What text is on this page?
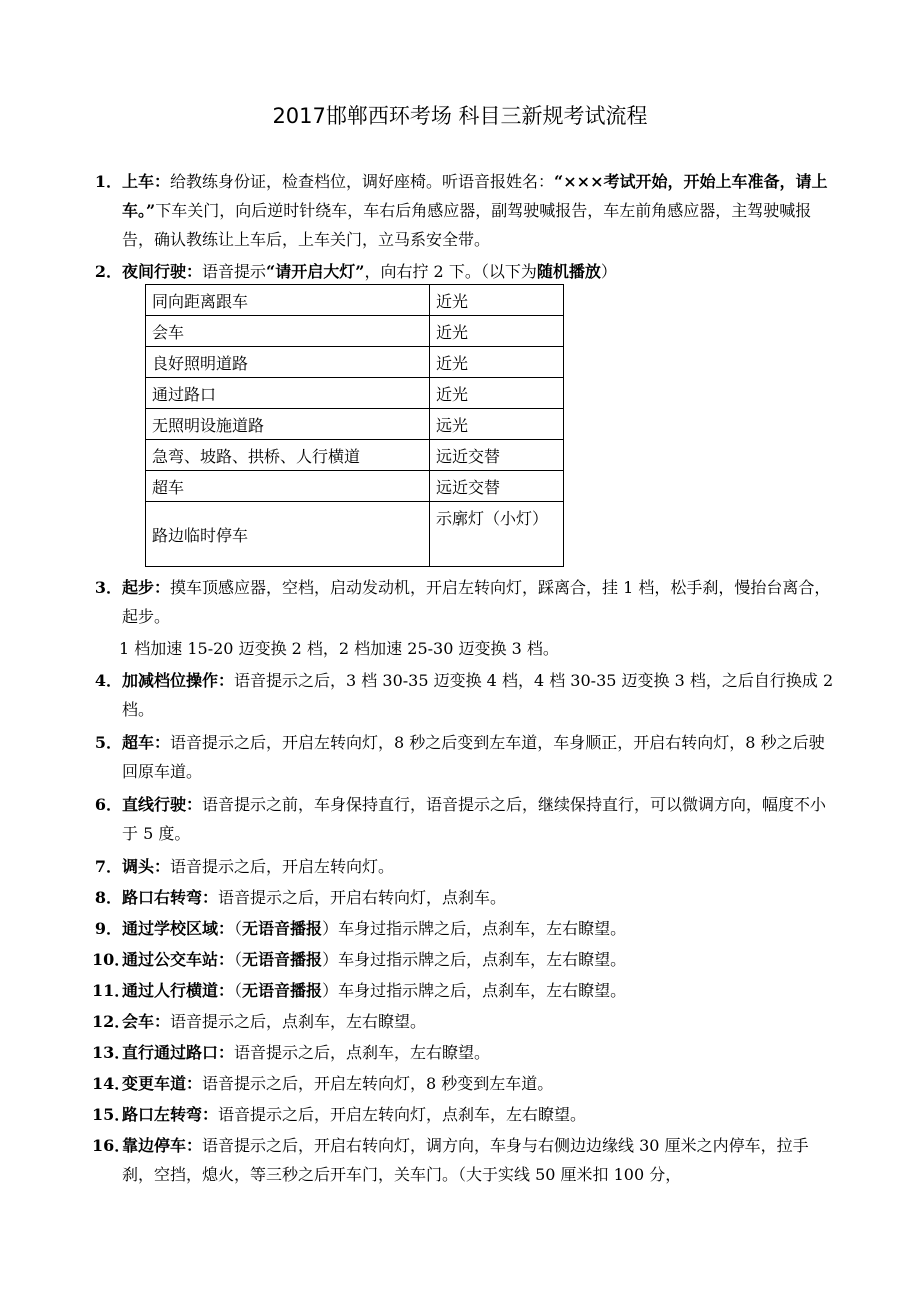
2017邯郸西环考场 科目三新规考试流程
1． 上车：给教练身份证，检查档位，调好座椅。听语音报姓名：“×××考试开始，开始上车准备，请上车。”下车关门，向后逆时针绕车，车右后角感应器，副驾驶喊报告，车左前角感应器，主驾驶喊报告，确认教练让上车后，上车关门，立马系安全带。
2． 夜间行驶：语音提示“请开启大灯”，向右拧 2 下。（以下为随机播放）
同向距离跟车	近光
会车	近光
良好照明道路	近光
通过路口	近光
无照明设施道路	远光
急弯、坡路、拱桥、人行横道	远近交替
超车	远近交替
路边临时停车	示廓灯（小灯）
3． 起步：摸车顶感应器，空档，启动发动机，开启左转向灯，踩离合，挂 1 档，松手刹，慢抬台离合，起步。
1 档加速 15-20 迈变换 2 档，2 档加速 25-30 迈变换 3 档。
4． 加减档位操作：语音提示之后，3 档 30-35 迈变换 4 档，4 档 30-35 迈变换 3 档，之后自行换成 2 档。
5． 超车：语音提示之后，开启左转向灯，8 秒之后变到左车道，车身顺正，开启右转向灯，8 秒之后驶回原车道。
6． 直线行驶：语音提示之前，车身保持直行，语音提示之后，继续保持直行，可以微调方向，幅度不小于 5 度。
7． 调头：语音提示之后，开启左转向灯。
8． 路口右转弯：语音提示之后，开启右转向灯，点刹车。
9． 通过学校区域：（无语音播报）车身过指示牌之后，点刹车，左右瞭望。
10．
通过公交车站：（无语音播报）车身过指示牌之后，点刹车，左右瞭望。
11．
通过人行横道：（无语音播报）车身过指示牌之后，点刹车，左右瞭望。
12．
会车：语音提示之后，点刹车，左右瞭望。
13．
直行通过路口：语音提示之后，点刹车，左右瞭望。
14．
变更车道：语音提示之后，开启左转向灯，8 秒变到左车道。
15．
路口左转弯：语音提示之后，开启左转向灯，点刹车，左右瞭望。
16．
靠边停车：语音提示之后，开启右转向灯，调方向，车身与右侧边边缘线 30 厘米之内停车，拉手刹，空挡，熄火，等三秒之后开车门，关车门。（大于实线 50 厘米扣 100 分，
